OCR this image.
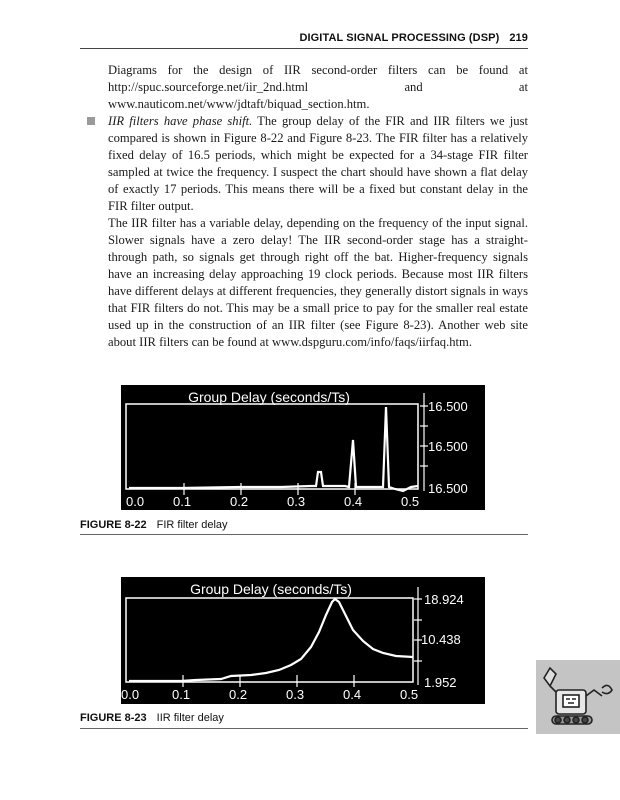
DIGITAL SIGNAL PROCESSING (DSP) 219

Diagrams for the design of IIR second-order filters can be found at http://spuc.sourceforge.net/iir_2nd.html and at www.nauticom.net/www/jdtaft/biquad_section.htm.

IIR filters have phase shift. The group delay of the FIR and IIR filters we just compared is shown in Figure 8-22 and Figure 8-23. The FIR filter has a relatively fixed delay of 16.5 periods, which might be expected for a 34-stage FIR filter sampled at twice the frequency. I suspect the chart should have shown a flat delay of exactly 17 periods. This means there will be a fixed but constant delay in the FIR filter output.

The IIR filter has a variable delay, depending on the frequency of the input signal. Slower signals have a zero delay! The IIR second-order stage has a straight-through path, so signals get through right off the bat. Higher-frequency signals have an increasing delay approaching 19 clock periods. Because most IIR filters have different delays at different frequencies, they generally distort signals in ways that FIR filters do not. This may be a small price to pay for the smaller real estate used up in the construction of an IIR filter (see Figure 8-23). Another web site about IIR filters can be found at www.dspguru.com/info/faqs/iirfaq.htm.

Group Delay (seconds/Ts)
16.500
16.500
16.500
0.0 0.1	0.2	0.3	0.4	0.5
FIGURE 8-22 FIR filter delay
Group Delay (seconds/Ts)
18.924
10.438
1.952
0.0	0.1	0.2	0.3	0.4	0.5
FIGURE 8-23 IIR filter delay
